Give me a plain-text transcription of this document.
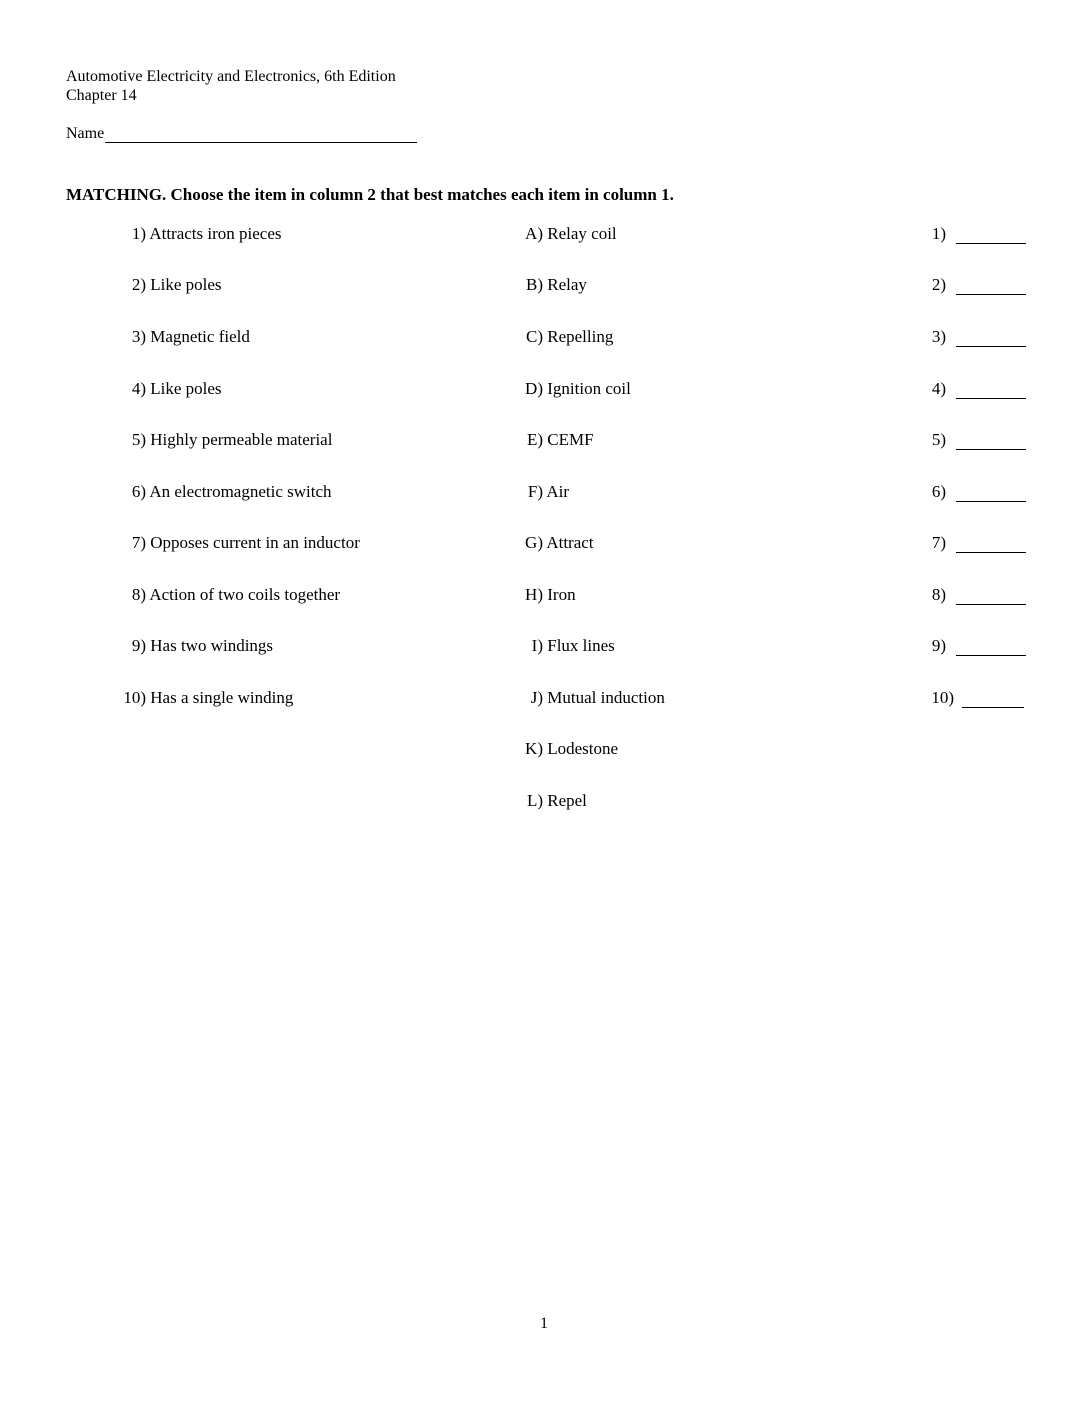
Automotive Electricity and Electronics, 6th Edition
Chapter 14
Name
MATCHING. Choose the item in column 2 that best matches each item in column 1.
1) Attracts iron pieces
2) Like poles
3) Magnetic field
4) Like poles
5) Highly permeable material
6) An electromagnetic switch
7) Opposes current in an inductor
8) Action of two coils together
9) Has two windings
10) Has a single winding
A) Relay coil
B) Relay
C) Repelling
D) Ignition coil
E) CEMF
F) Air
G) Attract
H) Iron
I) Flux lines
J) Mutual induction
K) Lodestone
L) Repel
1)
2)
3)
4)
5)
6)
7)
8)
9)
10)
1
